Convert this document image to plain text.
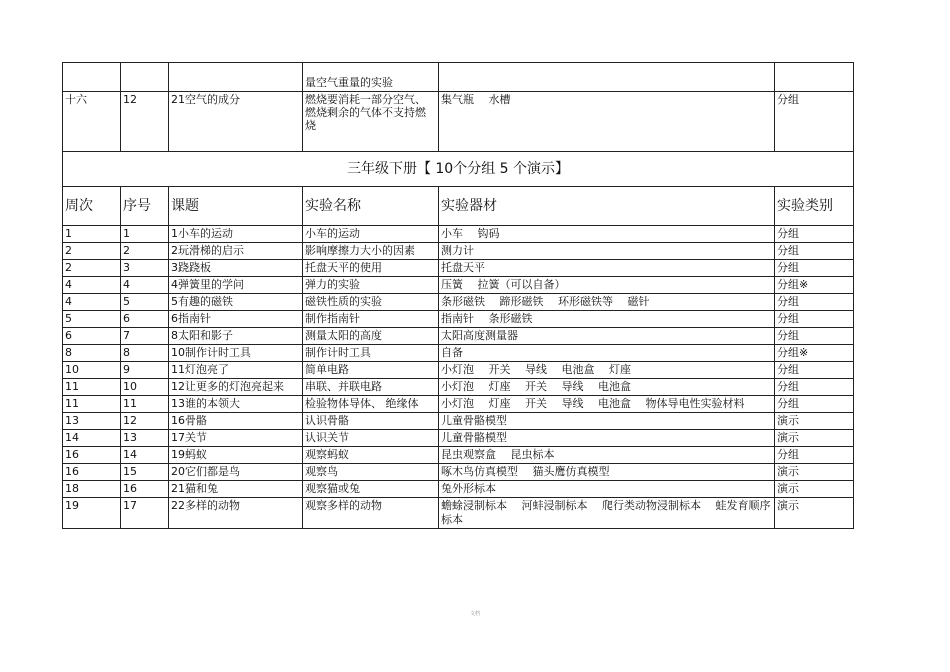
			量空气重量的实验		
十六	12	21空气的成分	燃烧要消耗一部分空气、燃烧剩余的气体不支持燃烧	集气瓶　 水槽	分组
三年级下册【 10个分组 5 个演示】					
周次	序号	课题	实验名称	实验器材	实验类别
1	1	1小车的运动	小车的运动	小车　 钩码	分组
2	2	2玩滑梯的启示	影响摩擦力大小的因素	测力计	分组
2	3	3跷跷板	托盘天平的使用	托盘天平	分组
4	4	4弹簧里的学问	弹力的实验	压簧　 拉簧（可以自备）	分组※
4	5	5有趣的磁铁	磁铁性质的实验	条形磁铁　 蹄形磁铁　 环形磁铁等　 磁针	分组
5	6	6指南针	制作指南针	指南针　 条形磁铁	分组
6	7	8太阳和影子	测量太阳的高度	太阳高度测量器	分组
8	8	10制作计时工具	制作计时工具	自备	分组※
10	9	11灯泡亮了	简单电路	小灯泡　 开关　 导线　 电池盒　 灯座	分组
11	10	12让更多的灯泡亮起来	串联、并联电路	小灯泡　 灯座　 开关　 导线　 电池盒	分组
11	11	13谁的本领大	检验物体导体、 绝缘体	小灯泡　 灯座　 开关　 导线　 电池盒　 物体导电性实验材料	分组
13	12	16骨骼	认识骨骼	儿童骨骼模型	演示
14	13	17关节	认识关节	儿童骨骼模型	演示
16	14	19蚂蚁	观察蚂蚁	昆虫观察盒　 昆虫标本	分组
16	15	20它们都是鸟	观察鸟	啄木鸟仿真模型　 猫头鹰仿真模型	演示
18	16	21猫和兔	观察猫或兔	兔外形标本	演示
19	17	22多样的动物	观察多样的动物	蟾蜍浸制标本　 河蚌浸制标本　 爬行类动物浸制标本　 蛙发育顺序标本	演示
文档
